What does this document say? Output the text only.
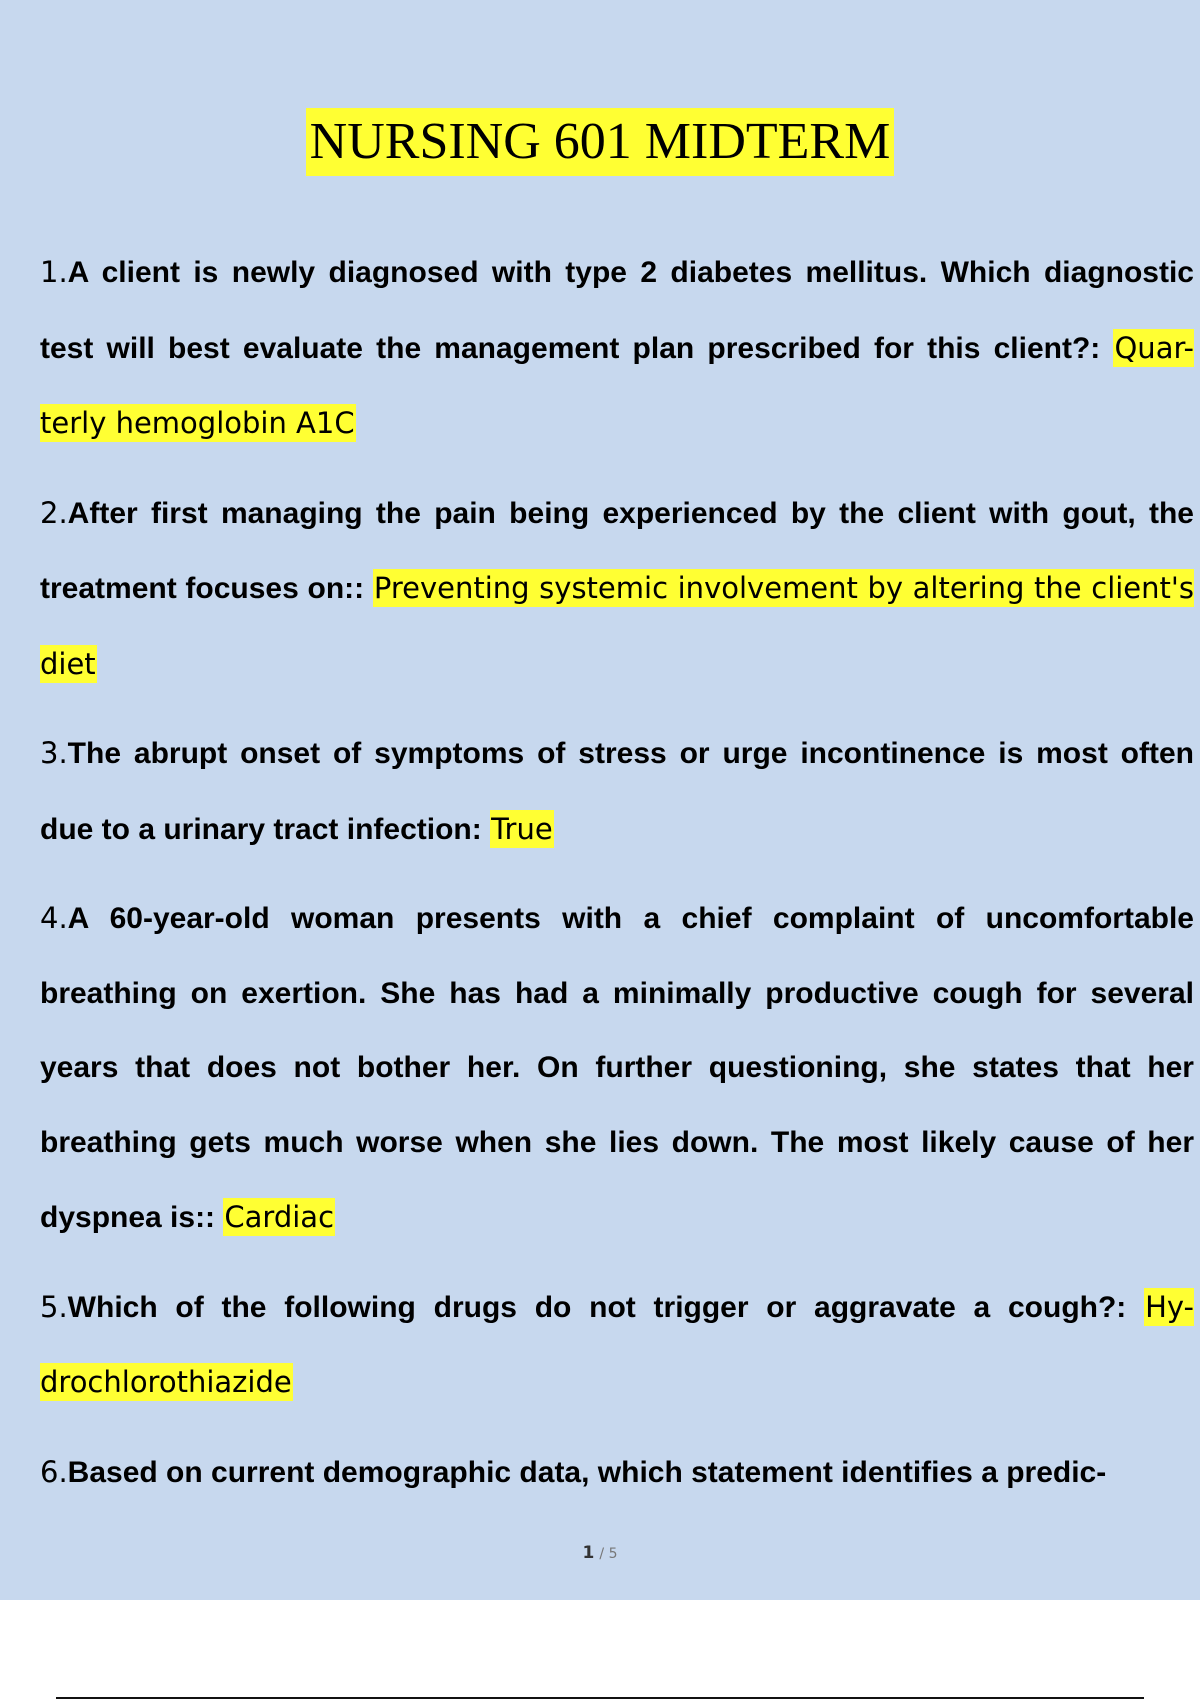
NURSING 601 MIDTERM
1.A client is newly diagnosed with type 2 diabetes mellitus. Which diagnostic test will best evaluate the management plan prescribed for this client?: Quar- terly hemoglobin A1C
2.After first managing the pain being experienced by the client with gout, the treatment focuses on:: Preventing systemic involvement by altering the client's diet
3.The abrupt onset of symptoms of stress or urge incontinence is most often due to a urinary tract infection: True
4.A 60-year-old woman presents with a chief complaint of uncomfortable breathing on exertion. She has had a minimally productive cough for several years that does not bother her. On further questioning, she states that her breathing gets much worse when she lies down. The most likely cause of her dyspnea is:: Cardiac
5.Which of the following drugs do not trigger or aggravate a cough?: Hy- drochlorothiazide
6.Based on current demographic data, which statement identifies a predic-
1 / 5
